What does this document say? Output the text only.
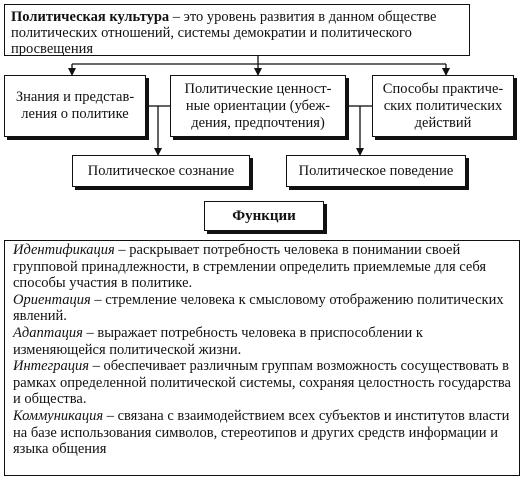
Политическая культура – это уровень развития в данном обществе политических отношений, системы демократии и политического просвещения
Знания и представ-
ления о политике
Политические ценност-
ные ориентации (убеж-
дения, предпочтения)
Способы практиче-
ских политических
действий
Политическое сознание	Политическое поведение
Функции
Идентификация – раскрывает потребность человека в понимании своей групповой принадлежности, в стремлении определить приемлемые для себя способы участия в политике.
Ориентация – стремление человека к смысловому отображению политических явлений.
Адаптация – выражает потребность человека в приспособлении к изменяющейся политической жизни.
Интеграция – обеспечивает различным группам возможность сосуществовать в рамках определенной политической системы, сохраняя целостность государства и общества.
Коммуникация – связана с взаимодействием всех субъектов и институтов власти на базе использования символов, стереотипов и других средств информации и языка общения
